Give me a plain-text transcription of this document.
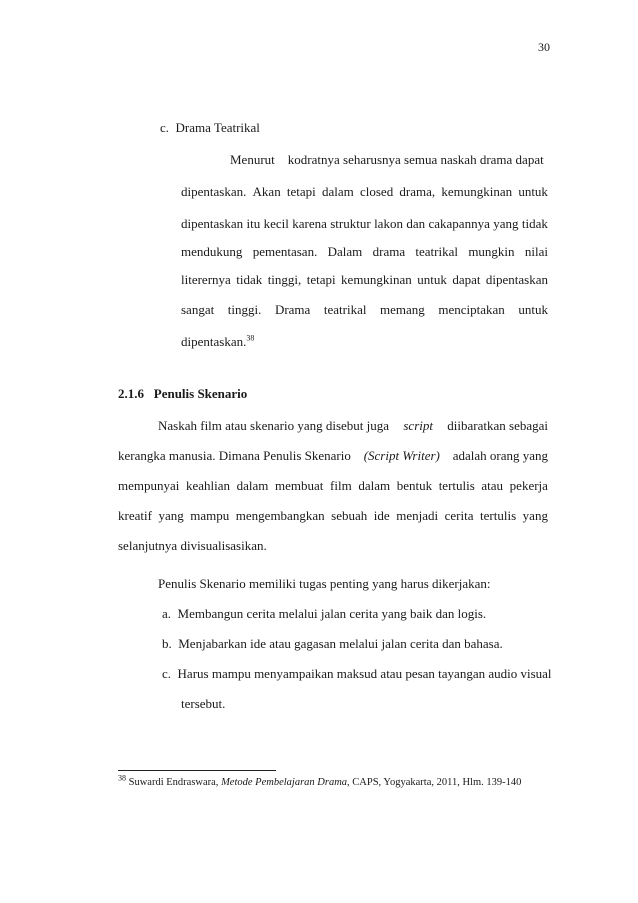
30
c. Drama Teatrikal
Menurut kodratnya seharusnya semua naskah drama dapat
dipentaskan. Akan tetapi dalam closed drama, kemungkinan untuk
dipentaskan itu kecil karena struktur lakon dan cakapannya yang tidak
mendukung pementasan. Dalam drama teatrikal mungkin nilai
literernya tidak tinggi, tetapi kemungkinan untuk dapat dipentaskan
sangat tinggi. Drama teatrikal memang menciptakan untuk
dipentaskan.$^{38}$
2.1.6 Penulis Skenario
Naskah film atau skenario yang disebut juga script diibaratkan sebagai
kerangka manusia. Dimana Penulis Skenario (Script Writer) adalah orang yang
mempunyai keahlian dalam membuat film dalam bentuk tertulis atau pekerja
kreatif yang mampu mengembangkan sebuah ide menjadi cerita tertulis yang
selanjutnya divisualisasikan.
Penulis Skenario memiliki tugas penting yang harus dikerjakan:
a. Membangun cerita melalui jalan cerita yang baik dan logis.
b. Menjabarkan ide atau gagasan melalui jalan cerita dan bahasa.
c. Harus mampu menyampaikan maksud atau pesan tayangan audio visual
tersebut.
$^{38}$ Suwardi Endraswara, Metode Pembelajaran Drama, CAPS, Yogyakarta, 2011, Hlm. 139-140
